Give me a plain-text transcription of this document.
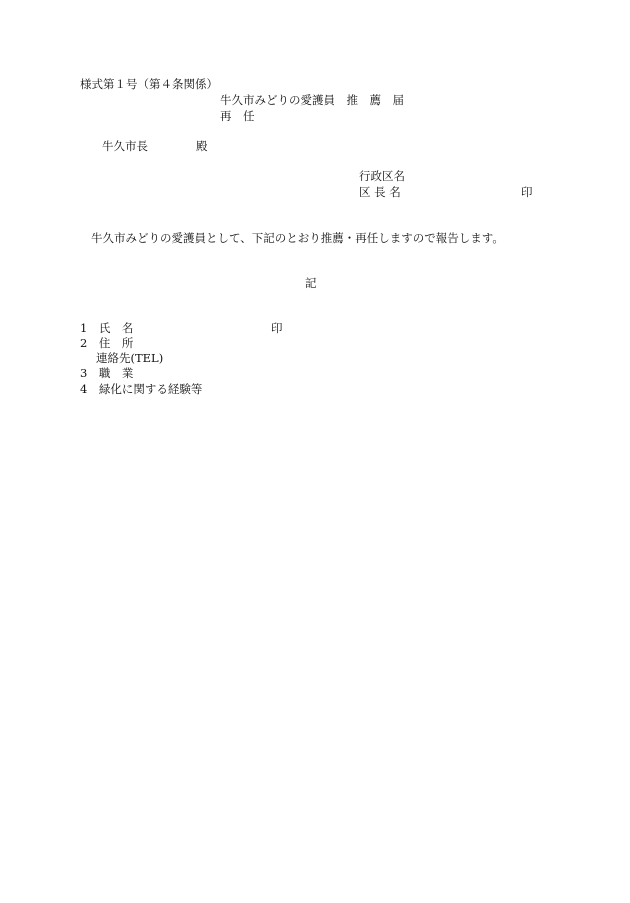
様式第１号（第４条関係）
牛久市みどりの愛護員　推　薦　届
再　任
牛久市長	殿
行政区名
区 長 名	印
牛久市みどりの愛護員として、下記のとおり推薦・再任しますので報告します。
記
1　氏　名	印
2　住　所
連絡先(TEL)
3　職　業
4　緑化に関する経験等
